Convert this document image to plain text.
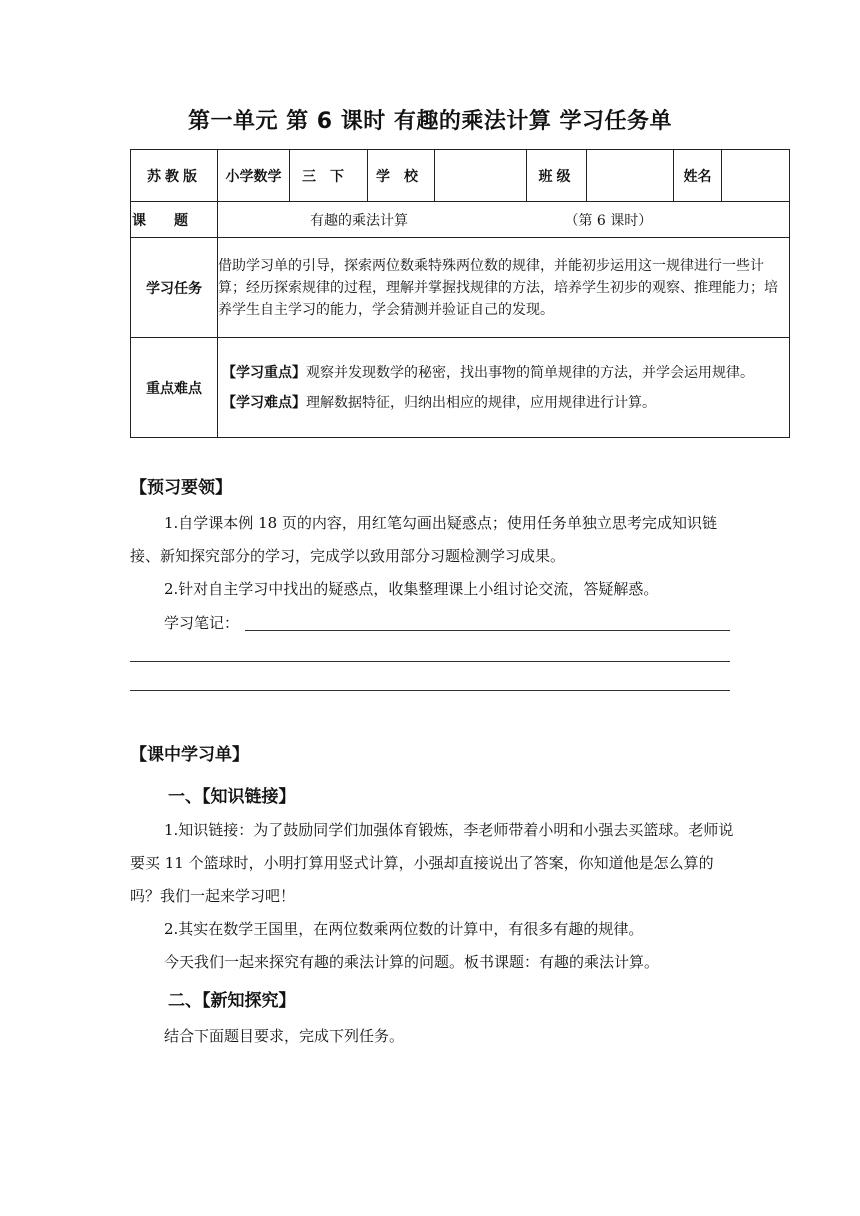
第一单元 第 6 课时 有趣的乘法计算 学习任务单
苏教版	小学数学	三下	学校		班级		姓名	
课题	有趣的乘法计算 （第 6 课时）							
学习任务	借助学习单的引导，探索两位数乘特殊两位数的规律，并能初步运用这一规律进行一些计算；经历探索规律的过程，理解并掌握找规律的方法，培养学生初步的观察、推理能力；培养学生自主学习的能力，学会猜测并验证自己的发现。							
重点难点	【学习重点】观察并发现数学的秘密，找出事物的简单规律的方法，并学会运用规律。
【学习难点】理解数据特征，归纳出相应的规律，应用规律进行计算。							
【预习要领】
1.自学课本例 18 页的内容，用红笔勾画出疑惑点；使用任务单独立思考完成知识链接、新知探究部分的学习，完成学以致用部分习题检测学习成果。
2.针对自主学习中找出的疑惑点，收集整理课上小组讨论交流，答疑解惑。
学习笔记：
【课中学习单】
一、【知识链接】
1.知识链接：为了鼓励同学们加强体育锻炼，李老师带着小明和小强去买篮球。老师说要买 11 个篮球时，小明打算用竖式计算，小强却直接说出了答案，你知道他是怎么算的吗？我们一起来学习吧！
2.其实在数学王国里，在两位数乘两位数的计算中，有很多有趣的规律。
今天我们一起来探究有趣的乘法计算的问题。板书课题：有趣的乘法计算。
二、【新知探究】
结合下面题目要求，完成下列任务。
